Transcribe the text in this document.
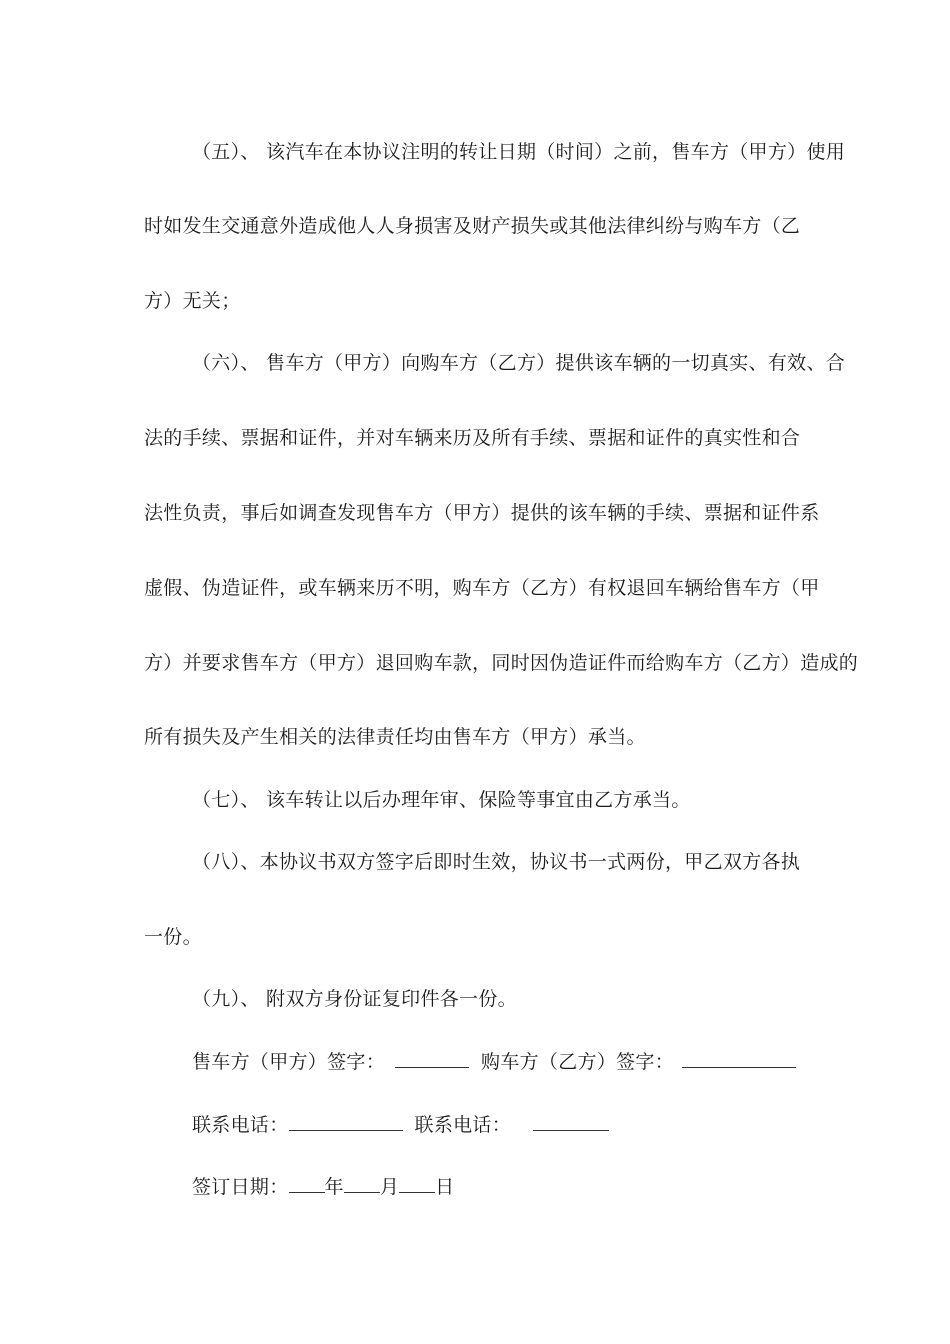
（五）、 该汽车在本协议注明的转让日期（时间）之前，售车方（甲方）使用
时如发生交通意外造成他人人身损害及财产损失或其他法律纠纷与购车方（乙
方）无关；
（六）、 售车方（甲方）向购车方（乙方）提供该车辆的一切真实、有效、合
法的手续、票据和证件，并对车辆来历及所有手续、票据和证件的真实性和合
法性负责，事后如调查发现售车方（甲方）提供的该车辆的手续、票据和证件系
虚假、伪造证件，或车辆来历不明，购车方（乙方）有权退回车辆给售车方（甲
方）并要求售车方（甲方）退回购车款，同时因伪造证件而给购车方（乙方）造成的
所有损失及产生相关的法律责任均由售车方（甲方）承当。
（七）、 该车转让以后办理年审、保险等事宜由乙方承当。
（八）、本协议书双方签字后即时生效，协议书一式两份，甲乙双方各执
一份。
（九）、 附双方身份证复印件各一份。
售车方（甲方）签字：	购车方（乙方）签字：
联系电话：	联系电话：
签订日期： 年 月 日
